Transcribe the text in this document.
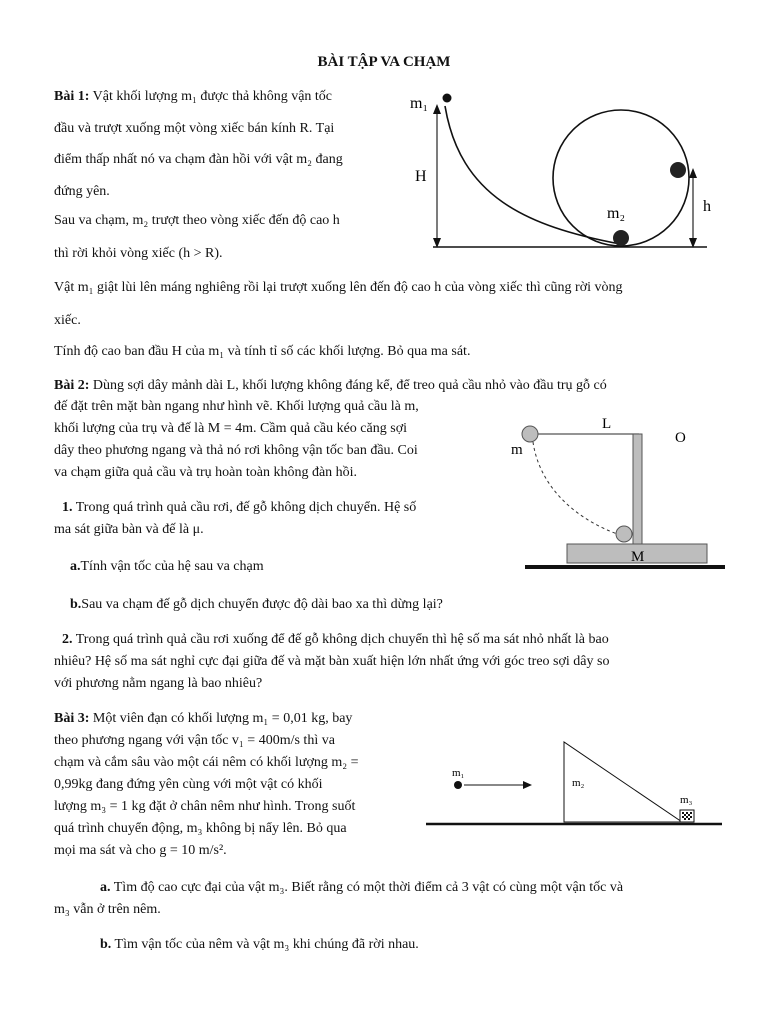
BÀI TẬP VA CHẠM
Bài 1: Vật khối lượng m₁ được thả không vận tốc
đầu và trượt xuống một vòng xiếc bán kính R. Tại
điểm thấp nhất nó va chạm đàn hồi với vật m₂ đang
đứng yên.
Sau va chạm, m₂ trượt theo vòng xiếc đến độ cao h
thì rời khỏi vòng xiếc (h > R).
Vật m₁ giật lùi lên máng nghiêng rồi lại trượt xuống lên đến độ cao h của vòng xiếc thì cũng rời vòng
xiếc.
Tính độ cao ban đầu H của m₁ và tính tỉ số các khối lượng. Bỏ qua ma sát.
m₁
H
m₂	h
Bài 2: Dùng sợi dây mảnh dài L, khối lượng không đáng kể, để treo quả cầu nhỏ vào đầu trụ gỗ có
đế đặt trên mặt bàn ngang như hình vẽ. Khối lượng quả cầu là m,
khối lượng của trụ và đế là M = 4m. Cầm quả cầu kéo căng sợi
dây theo phương ngang và thả nó rơi không vận tốc ban đầu. Coi
va chạm giữa quả cầu và trụ hoàn toàn không đàn hồi.
1. Trong quá trình quả cầu rơi, đế gỗ không dịch chuyển. Hệ số
ma sát giữa bàn và đế là μ.
a.Tính vận tốc của hệ sau va chạm
b.Sau va chạm đế gỗ dịch chuyển được độ dài bao xa thì dừng lại?
2. Trong quá trình quả cầu rơi xuống để đế gỗ không dịch chuyển thì hệ số ma sát nhỏ nhất là bao
nhiêu? Hệ số ma sát nghỉ cực đại giữa đế và mặt bàn xuất hiện lớn nhất ứng với góc treo sợi dây so
với phương nằm ngang là bao nhiêu?
L
O
m
M
Bài 3: Một viên đạn có khối lượng m₁ = 0,01 kg, bay
theo phương ngang với vận tốc v₁ = 400m/s thì va
chạm và cắm sâu vào một cái nêm có khối lượng m₂ =
0,99kg đang đứng yên cùng với một vật có khối
lượng m₃ = 1 kg đặt ở chân nêm như hình. Trong suốt
quá trình chuyển động, m₃ không bị nẩy lên. Bỏ qua
mọi ma sát và cho g = 10 m/s².
a. Tìm độ cao cực đại của vật m₃. Biết rằng có một thời điểm cả 3 vật có cùng một vận tốc và
m₃ vẫn ở trên nêm.
b. Tìm vận tốc của nêm và vật m₃ khi chúng đã rời nhau.
m₁
m₂
m₃
